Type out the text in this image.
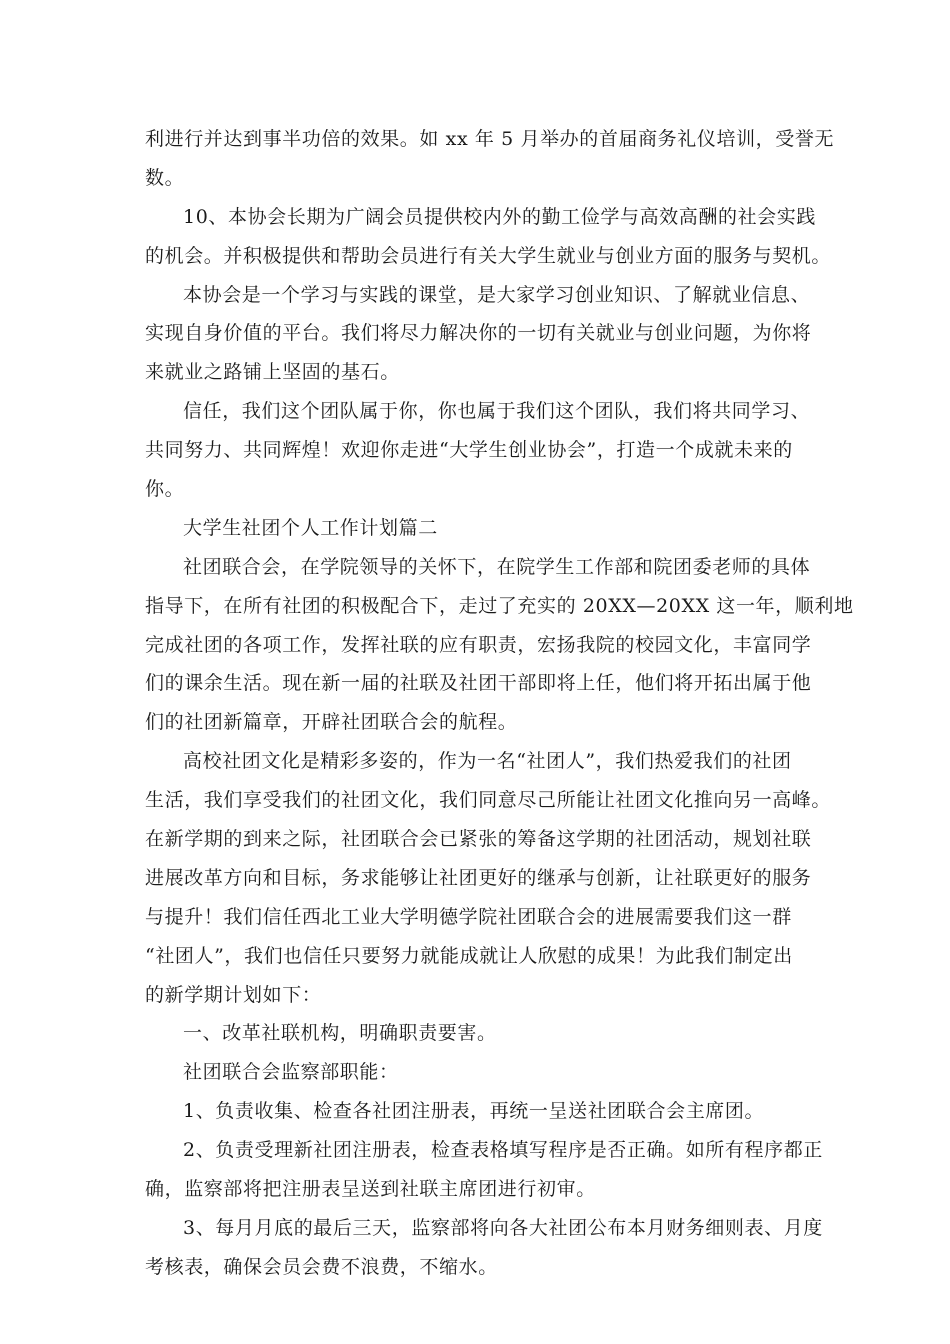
利进行并达到事半功倍的效果。如 xx 年 5 月举办的首届商务礼仪培训，受誉无
数。
10、本协会长期为广阔会员提供校内外的勤工俭学与高效高酬的社会实践
的机会。并积极提供和帮助会员进行有关大学生就业与创业方面的服务与契机。
本协会是一个学习与实践的课堂，是大家学习创业知识、了解就业信息、
实现自身价值的平台。我们将尽力解决你的一切有关就业与创业问题，为你将
来就业之路铺上坚固的基石。
信任，我们这个团队属于你，你也属于我们这个团队，我们将共同学习、
共同努力、共同辉煌！欢迎你走进“大学生创业协会”，打造一个成就未来的
你。
大学生社团个人工作计划篇二
社团联合会，在学院领导的关怀下，在院学生工作部和院团委老师的具体
指导下，在所有社团的积极配合下，走过了充实的 20XX—20XX 这一年，顺利地
完成社团的各项工作，发挥社联的应有职责，宏扬我院的校园文化，丰富同学
们的课余生活。现在新一届的社联及社团干部即将上任，他们将开拓出属于他
们的社团新篇章，开辟社团联合会的航程。
高校社团文化是精彩多姿的，作为一名“社团人”，我们热爱我们的社团
生活，我们享受我们的社团文化，我们同意尽己所能让社团文化推向另一高峰。
在新学期的到来之际，社团联合会已紧张的筹备这学期的社团活动，规划社联
进展改革方向和目标，务求能够让社团更好的继承与创新，让社联更好的服务
与提升！我们信任西北工业大学明德学院社团联合会的进展需要我们这一群
“社团人”，我们也信任只要努力就能成就让人欣慰的成果！为此我们制定出
的新学期计划如下：
一、改革社联机构，明确职责要害。
社团联合会监察部职能：
1、负责收集、检查各社团注册表，再统一呈送社团联合会主席团。
2、负责受理新社团注册表，检查表格填写程序是否正确。如所有程序都正
确，监察部将把注册表呈送到社联主席团进行初审。
3、每月月底的最后三天，监察部将向各大社团公布本月财务细则表、月度
考核表，确保会员会费不浪费，不缩水。
